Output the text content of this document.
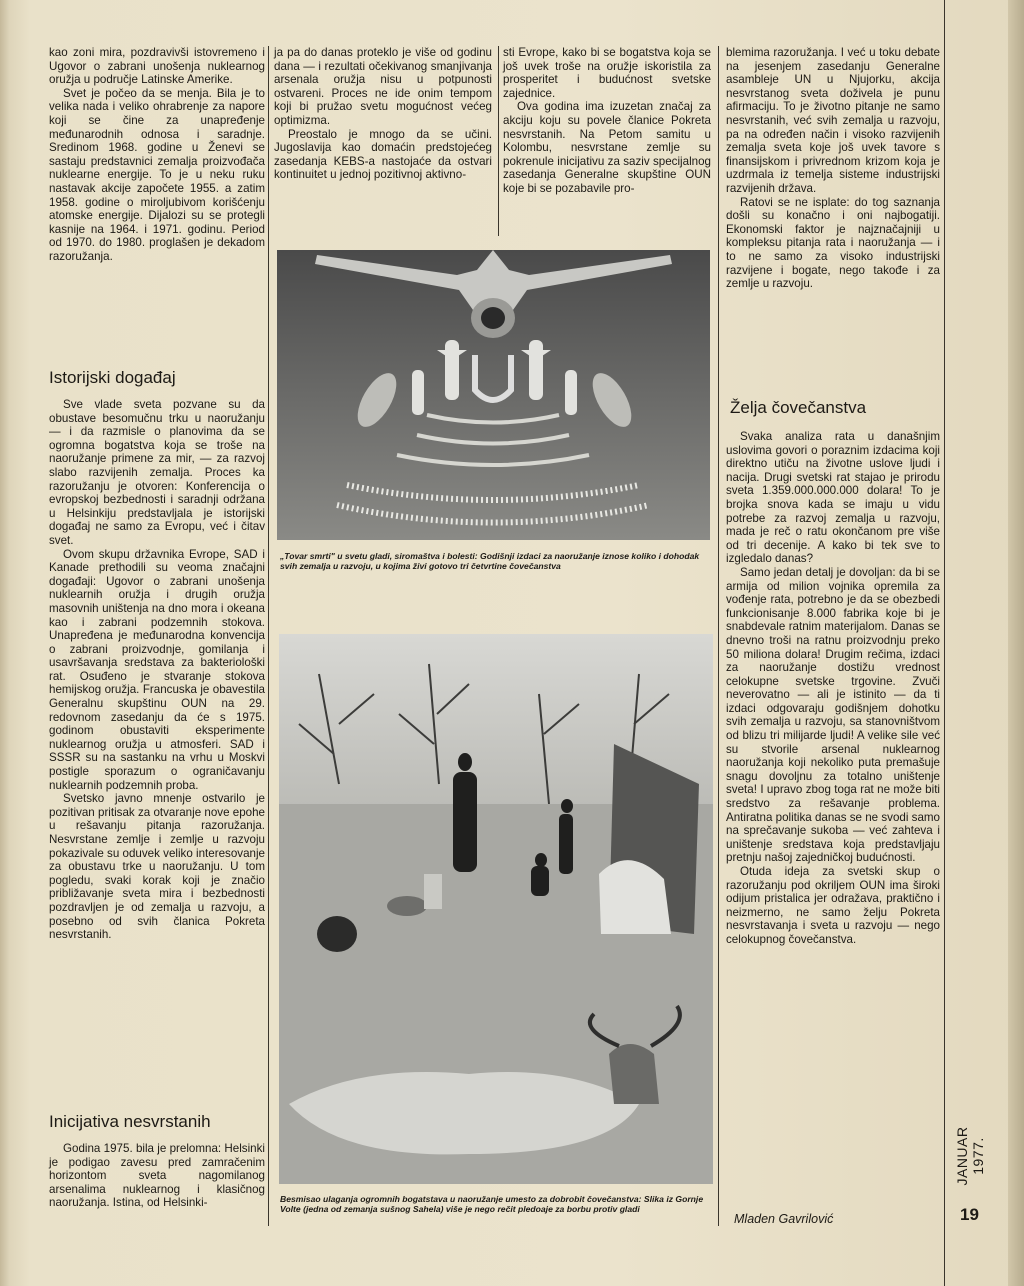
kao zoni mira, pozdravivši istovremeno i Ugovor o zabrani unošenja nuklearnog oružja u područje Latinske Amerike.

Svet je počeo da se menja. Bila je to velika nada i veliko ohrabrenje za napore koji se čine za unapređenje međunarodnih odnosa i saradnje. Sredinom 1968. godine u Ženevi se sastaju predstavnici zemalja proizvođača nuklearne energije. To je u neku ruku nastavak akcije započete 1955. a zatim 1958. godine o miroljubivom korišćenju atomske energije. Dijalozi su se protegli kasnije na 1964. i 1971. godinu. Period od 1970. do 1980. proglašen je dekadom razoružanja.

Istorijski događaj

Sve vlade sveta pozvane su da obustave besomučnu trku u naoružanju — i da razmisle o planovima da se ogromna bogatstva koja se troše na naoružanje primene za mir, — za razvoj slabo razvijenih zemalja. Proces ka razoružanju je otvoren: Konferencija o evropskoj bezbednosti i saradnji održana u Helsinkiju predstavljala je istorijski događaj ne samo za Evropu, već i čitav svet.

Ovom skupu državnika Evrope, SAD i Kanade prethodili su veoma značajni događaji: Ugovor o zabrani unošenja nuklearnih oružja i drugih oružja masovnih uništenja na dno mora i okeana kao i zabrani podzemnih stokova. Unapređena je međunarodna konvencija o zabrani proizvodnje, gomilanja i usavršavanja sredstava za bakteriološki rat. Osuđeno je stvaranje stokova hemijskog oružja. Francuska je obavestila Generalnu skupštinu OUN na 29. redovnom zasedanju da će s 1975. godinom obustaviti eksperimente nuklearnog oružja u atmosferi. SAD i SSSR su na sastanku na vrhu u Moskvi postigle sporazum o ograničavanju nuklearnih podzemnih proba.

Svetsko javno mnenje ostvarilo je pozitivan pritisak za otvaranje nove epohe u rešavanju pitanja razoružanja. Nesvrstane zemlje i zemlje u razvoju pokazivale su oduvek veliko interesovanje za obustavu trke u naoružanju. U tom pogledu, svaki korak koji je značio približavanje sveta mira i bezbednosti pozdravljen je od zemalja u razvoju, a posebno od svih članica Pokreta nesvrstanih.

Inicijativa nesvrstanih

Godina 1975. bila je prelomna: Helsinki je podigao zavesu pred zamračenim horizontom sveta nagomilanog arsenalima nuklearnog i klasičnog naoružanja. Istina, od Helsinki-

ja pa do danas proteklo je više od godinu dana — i rezultati očekivanog smanjivanja arsenala oružja nisu u potpunosti ostvareni. Proces ne ide onim tempom koji bi pružao svetu mogućnost većeg optimizma.

Preostalo je mnogo da se učini. Jugoslavija kao domaćin predstojećeg zasedanja KEBS-a nastojaće da ostvari kontinuitet u jednoj pozitivnoj aktivno-

sti Evrope, kako bi se bogatstva koja se još uvek troše na oružje iskoristila za prosperitet i budućnost svetske zajednice.

Ova godina ima izuzetan značaj za akciju koju su povele članice Pokreta nesvrstanih. Na Petom samitu u Kolombu, nesvrstane zemlje su pokrenule inicijativu za saziv specijalnog zasedanja Generalne skupštine OUN koje bi se pozabavile pro-

„Tovar smrti" u svetu gladi, siromaštva i bolesti: Godišnji izdaci za naoružanje iznose koliko i dohodak svih zemalja u razvoju, u kojima živi gotovo tri četvrtine čovečanstva
Besmisao ulaganja ogromnih bogatstava u naoružanje umesto za dobrobit čovečanstva: Slika iz Gornje Volte (jedna od zemanja sušnog Sahela) više je nego rečit pledoaje za borbu protiv gladi

blemima razoružanja. I već u toku debate na jesenjem zasedanju Generalne asambleje UN u Njujorku, akcija nesvrstanog sveta doživela je punu afirmaciju. To je životno pitanje ne samo nesvrstanih, već svih zemalja u razvoju, pa na određen način i visoko razvijenih zemalja sveta koje još uvek tavore s finansijskom i privrednom krizom koja je uzdrmala iz temelja sisteme industrijski razvijenih država.

Ratovi se ne isplate: do tog saznanja došli su konačno i oni najbogatiji. Ekonomski faktor je najznačajniji u kompleksu pitanja rata i naoružanja — i to ne samo za visoko industrijski razvijene i bogate, nego takođe i za zemlje u razvoju.

Želja čovečanstva

Svaka analiza rata u današnjim uslovima govori o poraznim izdacima koji direktno utiču na životne uslove ljudi i nacija. Drugi svetski rat stajao je prirodu sveta 1.359.000.000.000 dolara! To je brojka snova kada se imaju u vidu potrebe za razvoj zemalja u razvoju, mada je reč o ratu okončanom pre više od tri decenije. A kako bi tek sve to izgledalo danas?

Samo jedan detalj je dovoljan: da bi se armija od milion vojnika opremila za vođenje rata, potrebno je da se obezbedi funkcionisanje 8.000 fabrika koje bi je snabdevale ratnim materijalom. Danas se dnevno troši na ratnu proizvodnju preko 50 miliona dolara! Drugim rečima, izdaci za naoružanje dostižu vrednost celokupne svetske trgovine. Zvuči neverovatno — ali je istinito — da ti izdaci odgovaraju godišnjem dohotku svih zemalja u razvoju, sa stanovništvom od blizu tri milijarde ljudi! A velike sile već su stvorile arsenal nuklearnog naoružanja koji nekoliko puta premašuje snagu dovoljnu za totalno uništenje sveta! I upravo zbog toga rat ne može biti sredstvo za rešavanje problema. Antiratna politika danas se ne svodi samo na sprečavanje sukoba — već zahteva i uništenje sredstava koja predstavljaju pretnju našoj zajedničkoj budućnosti.

Otuda ideja za svetski skup o razoružanju pod okriljem OUN ima široki odijum pristalica jer odražava, praktično i neizmerno, ne samo želju Pokreta nesvrstavanja i sveta u razvoju — nego celokupnog čovečanstva.

Mladen Gavrilović
JANUAR 1977.
19
